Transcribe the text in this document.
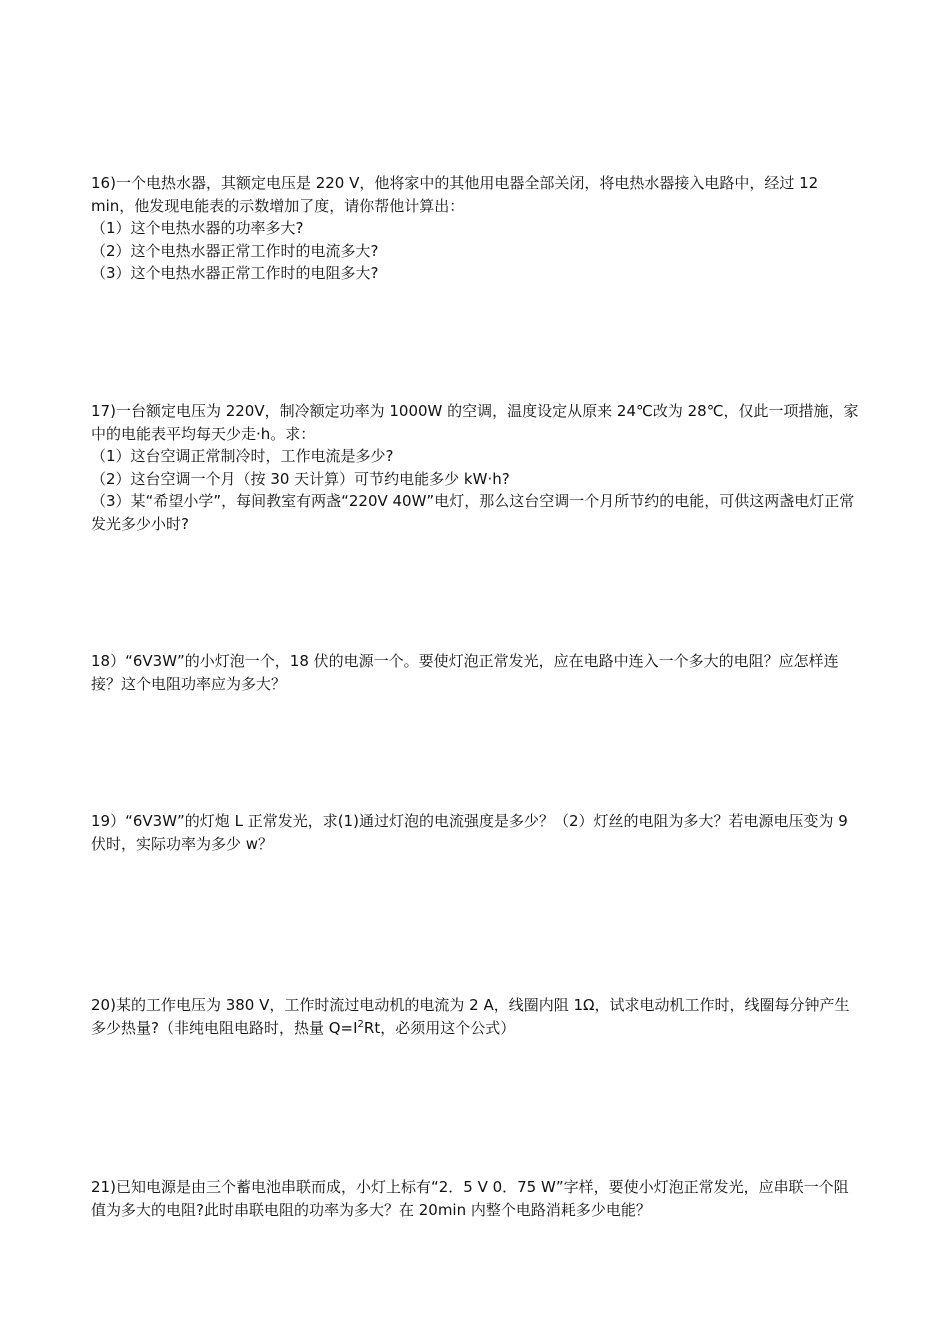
16)一个电热水器，其额定电压是 220 V，他将家中的其他用电器全部关闭，将电热水器接入电路中，经过 12 min，他发现电能表的示数增加了度，请你帮他计算出：

（1）这个电热水器的功率多大?
（2）这个电热水器正常工作时的电流多大?
（3）这个电热水器正常工作时的电阻多大?

17)一台额定电压为 220V，制冷额定功率为 1000W 的空调，温度设定从原来 24℃改为 28℃，仅此一项措施，家中的电能表平均每天少走·h。求：

（1）这台空调正常制冷时，工作电流是多少?
（2）这台空调一个月（按 30 天计算）可节约电能多少 kW·h?
（3）某“希望小学”，每间教室有两盏“220V 40W”电灯，那么这台空调一个月所节约的电能，可供这两盏电灯正常发光多少小时?

18）“6V3W”的小灯泡一个，18 伏的电源一个。要使灯泡正常发光，应在电路中连入一个多大的电阻？应怎样连接？这个电阻功率应为多大？

19）“6V3W”的灯炮 L 正常发光，求(1)通过灯泡的电流强度是多少？（2）灯丝的电阻为多大？若电源电压变为 9 伏时，实际功率为多少 w？

20)某的工作电压为 380 V，工作时流过电动机的电流为 2 A，线圈内阻 1Ω，试求电动机工作时，线圈每分钟产生多少热量?（非纯电阻电路时，热量 $Q=I^2Rt$，必须用这个公式）

21)已知电源是由三个蓄电池串联而成，小灯上标有“2．5 V 0．75 W”字样，要使小灯泡正常发光，应串联一个阻值为多大的电阻?此时串联电阻的功率为多大？在 20min 内整个电路消耗多少电能？
